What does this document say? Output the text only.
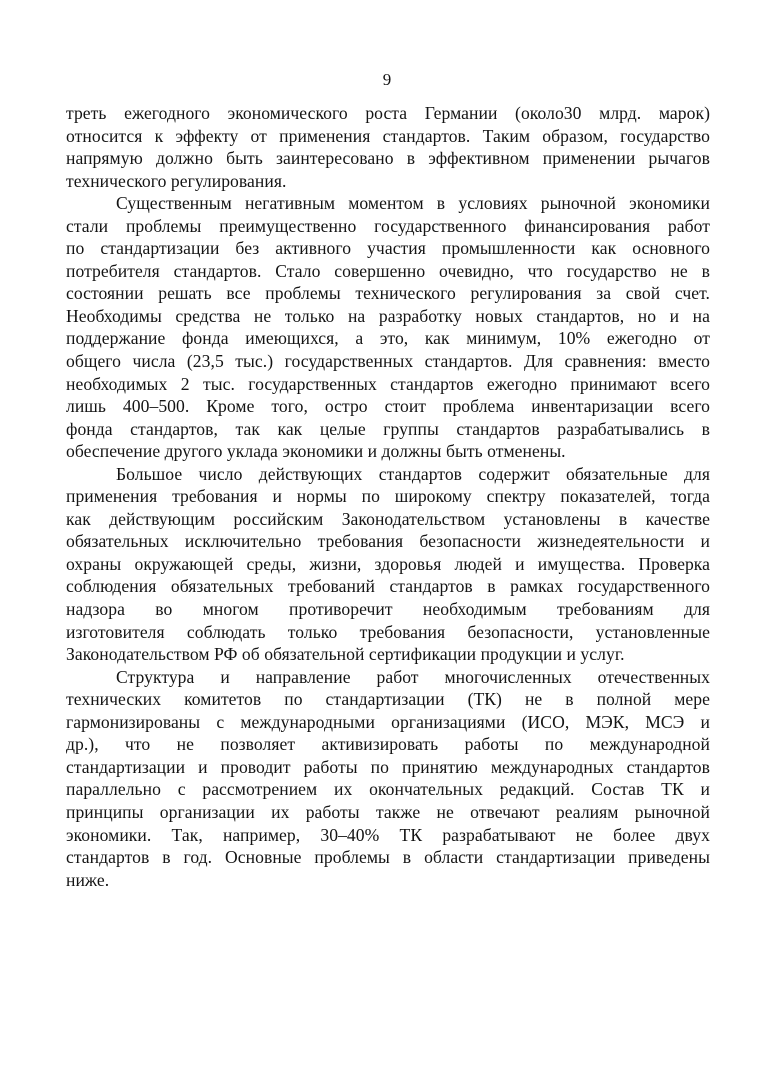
9
треть ежегодного экономического роста Германии (около30 млрд. марок)
относится к эффекту от применения стандартов. Таким образом, государство
напрямую должно быть заинтересовано в эффективном применении рычагов
технического регулирования.
Существенным негативным моментом в условиях рыночной экономики
стали проблемы преимущественно государственного финансирования работ
по стандартизации без активного участия промышленности как основного
потребителя стандартов. Стало совершенно очевидно, что государство не в
состоянии решать все проблемы технического регулирования за свой счет.
Необходимы средства не только на разработку новых стандартов, но и на
поддержание фонда имеющихся, а это, как минимум, 10% ежегодно от
общего числа (23,5 тыс.) государственных стандартов. Для сравнения: вместо
необходимых 2 тыс. государственных стандартов ежегодно принимают всего
лишь 400–500. Кроме того, остро стоит проблема инвентаризации всего
фонда стандартов, так как целые группы стандартов разрабатывались в
обеспечение другого уклада экономики и должны быть отменены.
Большое число действующих стандартов содержит обязательные для
применения требования и нормы по широкому спектру показателей, тогда
как действующим российским Законодательством установлены в качестве
обязательных исключительно требования безопасности жизнедеятельности и
охраны окружающей среды, жизни, здоровья людей и имущества. Проверка
соблюдения обязательных требований стандартов в рамках государственного
надзора во многом противоречит необходимым требованиям для
изготовителя соблюдать только требования безопасности, установленные
Законодательством РФ об обязательной сертификации продукции и услуг.
Структура и направление работ многочисленных отечественных
технических комитетов по стандартизации (ТК) не в полной мере
гармонизированы с международными организациями (ИСО, МЭК, МСЭ и
др.), что не позволяет активизировать работы по международной
стандартизации и проводит работы по принятию международных стандартов
параллельно с рассмотрением их окончательных редакций. Состав ТК и
принципы организации их работы также не отвечают реалиям рыночной
экономики. Так, например, 30–40% ТК разрабатывают не более двух
стандартов в год. Основные проблемы в области стандартизации приведены
ниже.
